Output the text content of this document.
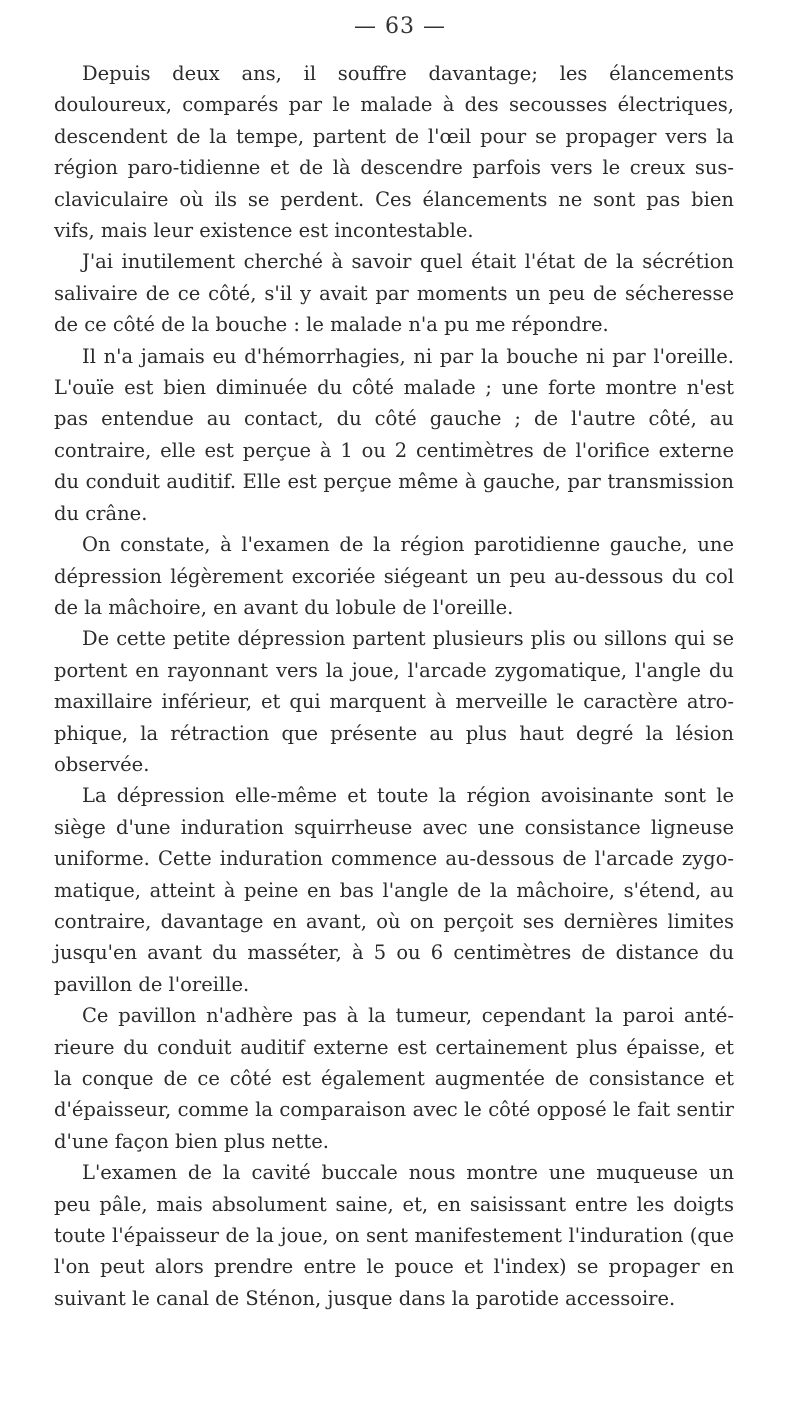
— 63 —

Depuis deux ans, il souffre davantage; les élancements douloureux, comparés par le malade à des secousses électriques, descendent de la tempe, partent de l'œil pour se propager vers la région paro-tidienne et de là descendre parfois vers le creux sus-claviculaire où ils se perdent. Ces élancements ne sont pas bien vifs, mais leur existence est incontestable.

J'ai inutilement cherché à savoir quel était l'état de la sécrétion salivaire de ce côté, s'il y avait par moments un peu de sécheresse de ce côté de la bouche : le malade n'a pu me répondre.

Il n'a jamais eu d'hémorrhagies, ni par la bouche ni par l'oreille. L'ouïe est bien diminuée du côté malade ; une forte montre n'est pas entendue au contact, du côté gauche ; de l'autre côté, au contraire, elle est perçue à 1 ou 2 centimètres de l'orifice externe du conduit auditif. Elle est perçue même à gauche, par transmission du crâne.

On constate, à l'examen de la région parotidienne gauche, une dépression légèrement excoriée siégeant un peu au-dessous du col de la mâchoire, en avant du lobule de l'oreille.

De cette petite dépression partent plusieurs plis ou sillons qui se portent en rayonnant vers la joue, l'arcade zygomatique, l'angle du maxillaire inférieur, et qui marquent à merveille le caractère atro-phique, la rétraction que présente au plus haut degré la lésion observée.

La dépression elle-même et toute la région avoisinante sont le siège d'une induration squirrheuse avec une consistance ligneuse uniforme. Cette induration commence au-dessous de l'arcade zygo-matique, atteint à peine en bas l'angle de la mâchoire, s'étend, au contraire, davantage en avant, où on perçoit ses dernières limites jusqu'en avant du masséter, à 5 ou 6 centimètres de distance du pavillon de l'oreille.

Ce pavillon n'adhère pas à la tumeur, cependant la paroi anté-rieure du conduit auditif externe est certainement plus épaisse, et la conque de ce côté est également augmentée de consistance et d'épaisseur, comme la comparaison avec le côté opposé le fait sentir d'une façon bien plus nette.

L'examen de la cavité buccale nous montre une muqueuse un peu pâle, mais absolument saine, et, en saisissant entre les doigts toute l'épaisseur de la joue, on sent manifestement l'induration (que l'on peut alors prendre entre le pouce et l'index) se propager en suivant le canal de Sténon, jusque dans la parotide accessoire.
